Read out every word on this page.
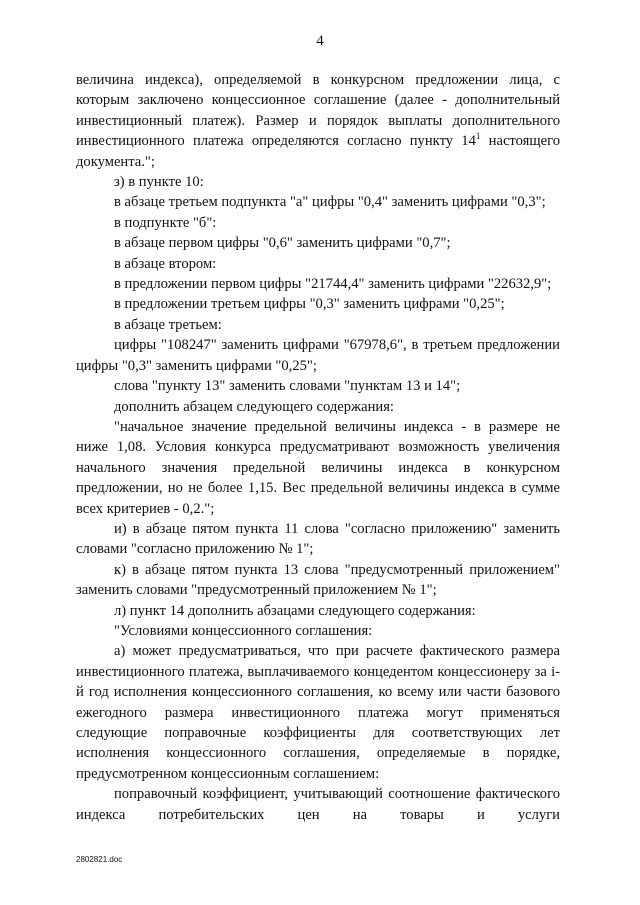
4

величина индекса), определяемой в конкурсном предложении лица, с которым заключено концессионное соглашение (далее - дополнительный инвестиционный платеж). Размер и порядок выплаты дополнительного инвестиционного платежа определяются согласно пункту $14^1$ настоящего документа.";

з) в пункте 10:

в абзаце третьем подпункта "а" цифры "0,4" заменить цифрами "0,3";

в подпункте "б":

в абзаце первом цифры "0,6" заменить цифрами "0,7";

в абзаце втором:

в предложении первом цифры "21744,4" заменить цифрами "22632,9";

в предложении третьем цифры "0,3" заменить цифрами "0,25";

в абзаце третьем:

цифры "108247" заменить цифрами "67978,6", в третьем предложении цифры "0,3" заменить цифрами "0,25";

слова "пункту 13" заменить словами "пунктам 13 и 14";

дополнить абзацем следующего содержания:

"начальное значение предельной величины индекса - в размере не ниже 1,08. Условия конкурса предусматривают возможность увеличения начального значения предельной величины индекса в конкурсном предложении, но не более 1,15. Вес предельной величины индекса в сумме всех критериев - 0,2.";

и) в абзаце пятом пункта 11 слова "согласно приложению" заменить словами "согласно приложению № 1";

к) в абзаце пятом пункта 13 слова "предусмотренный приложением" заменить словами "предусмотренный приложением № 1";

л) пункт 14 дополнить абзацами следующего содержания:

"Условиями концессионного соглашения:

а) может предусматриваться, что при расчете фактического размера инвестиционного платежа, выплачиваемого концедентом концессионеру за i-й год исполнения концессионного соглашения, ко всему или части базового ежегодного размера инвестиционного платежа могут применяться следующие поправочные коэффициенты для соответствующих лет исполнения концессионного соглашения, определяемые в порядке, предусмотренном концессионным соглашением:

поправочный коэффициент, учитывающий соотношение фактического индекса потребительских цен на товары и услуги

2802821.doc
